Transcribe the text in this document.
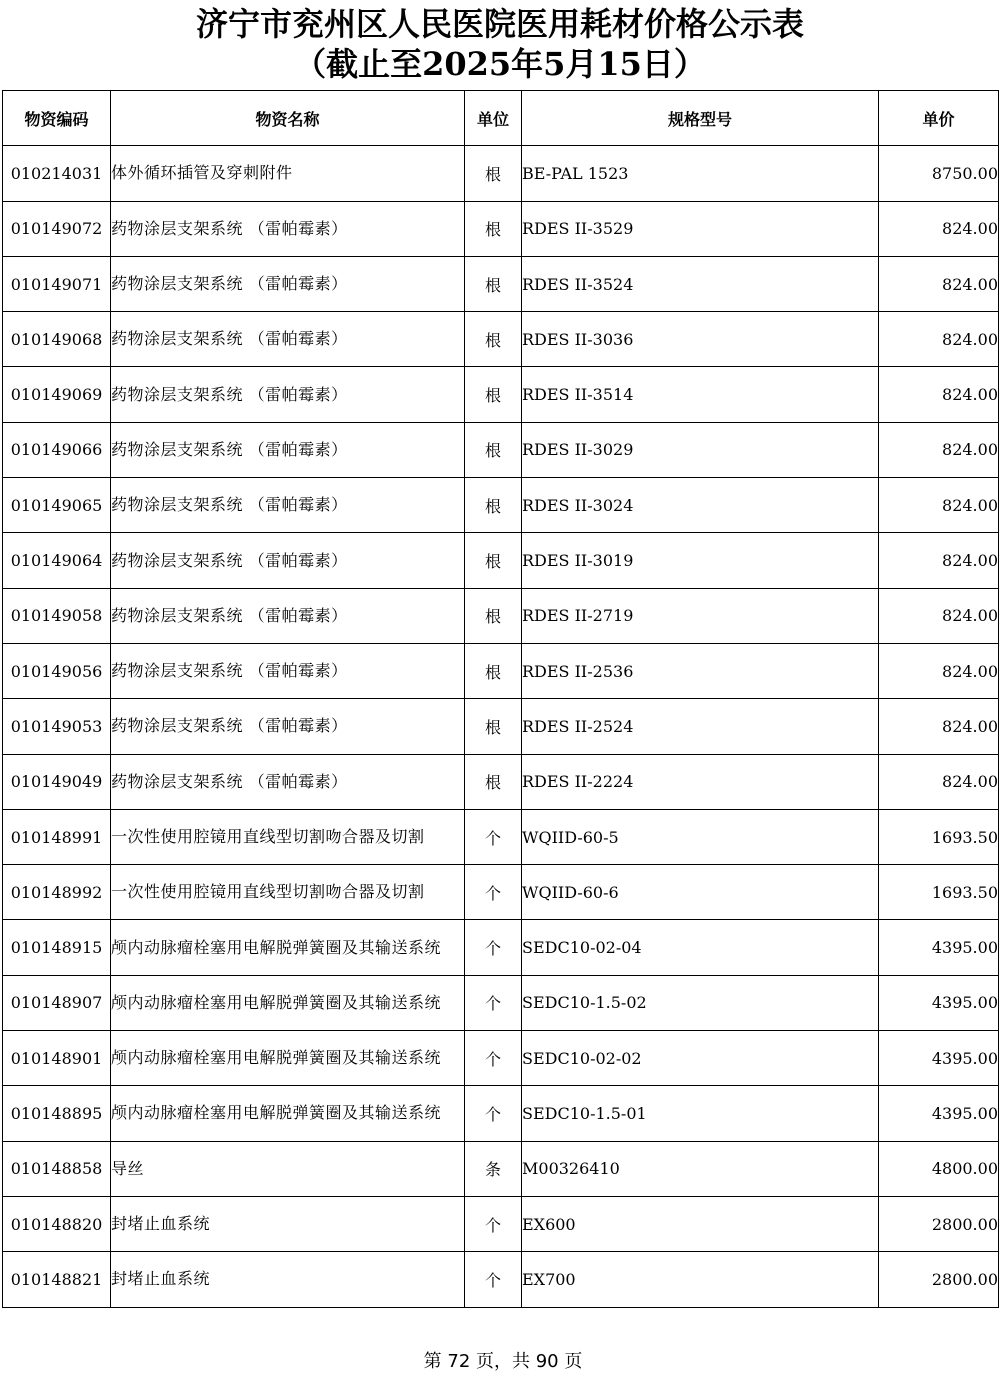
济宁市兖州区人民医院医用耗材价格公示表
（截止至2025年5月15日）
物资编码	物资名称	单位	规格型号	单价
010214031	体外循环插管及穿刺附件	根	BE-PAL 1523	8750.00
010149072	药物涂层支架系统 （雷帕霉素）	根	RDES II-3529	824.00
010149071	药物涂层支架系统 （雷帕霉素）	根	RDES II-3524	824.00
010149068	药物涂层支架系统 （雷帕霉素）	根	RDES II-3036	824.00
010149069	药物涂层支架系统 （雷帕霉素）	根	RDES II-3514	824.00
010149066	药物涂层支架系统 （雷帕霉素）	根	RDES II-3029	824.00
010149065	药物涂层支架系统 （雷帕霉素）	根	RDES II-3024	824.00
010149064	药物涂层支架系统 （雷帕霉素）	根	RDES II-3019	824.00
010149058	药物涂层支架系统 （雷帕霉素）	根	RDES II-2719	824.00
010149056	药物涂层支架系统 （雷帕霉素）	根	RDES II-2536	824.00
010149053	药物涂层支架系统 （雷帕霉素）	根	RDES II-2524	824.00
010149049	药物涂层支架系统 （雷帕霉素）	根	RDES II-2224	824.00
010148991	一次性使用腔镜用直线型切割吻合器及切割	个	WQIID-60-5	1693.50
010148992	一次性使用腔镜用直线型切割吻合器及切割	个	WQIID-60-6	1693.50
010148915	颅内动脉瘤栓塞用电解脱弹簧圈及其输送系统	个	SEDC10-02-04	4395.00
010148907	颅内动脉瘤栓塞用电解脱弹簧圈及其输送系统	个	SEDC10-1.5-02	4395.00
010148901	颅内动脉瘤栓塞用电解脱弹簧圈及其输送系统	个	SEDC10-02-02	4395.00
010148895	颅内动脉瘤栓塞用电解脱弹簧圈及其输送系统	个	SEDC10-1.5-01	4395.00
010148858	导丝	条	M00326410	4800.00
010148820	封堵止血系统	个	EX600	2800.00
010148821	封堵止血系统	个	EX700	2800.00
第 72 页，共 90 页
